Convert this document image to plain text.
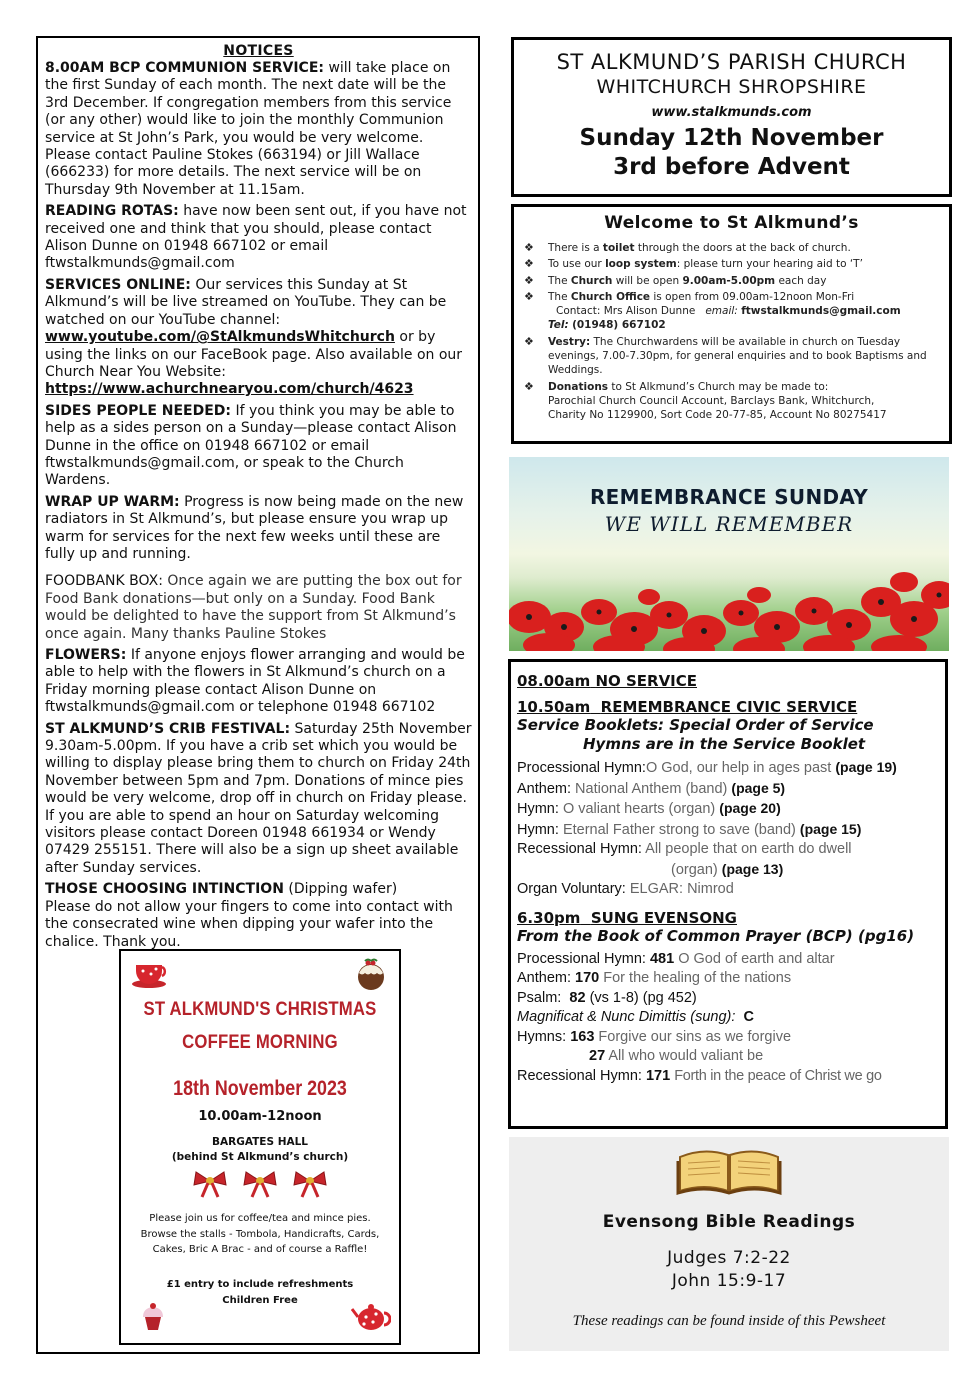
NOTICES

8.00AM BCP COMMUNION SERVICE: will take place on the first Sunday of each month. The next date will be the 3rd December. If congregation members from this service (or any other) would like to join the monthly Communion service at St John’s Park, you would be very welcome. Please contact Pauline Stokes (663194) or Jill Wallace (666233) for more details. The next service will be on Thursday 9th November at 11.15am.

READING ROTAS: have now been sent out, if you have not received one and think that you should, please contact Alison Dunne on 01948 667102 or email ftwstalkmunds@gmail.com

SERVICES ONLINE: Our services this Sunday at St Alkmund’s will be live streamed on YouTube. They can be watched on our YouTube channel: www.youtube.com/@StAlkmundsWhitchurch or by using the links on our FaceBook page. Also available on our Church Near You Website: https://www.achurchnearyou.com/church/4623

SIDES PEOPLE NEEDED: If you think you may be able to help as a sides person on a Sunday—please contact Alison Dunne in the office on 01948 667102 or email ftwstalkmunds@gmail.com, or speak to the Church Wardens.

WRAP UP WARM: Progress is now being made on the new radiators in St Alkmund’s, but please ensure you wrap up warm for services for the next few weeks until these are fully up and running.

FOODBANK BOX: Once again we are putting the box out for Food Bank donations—but only on a Sunday. Food Bank would be delighted to have the support from St Alkmund’s once again. Many thanks Pauline Stokes

FLOWERS: If anyone enjoys flower arranging and would be able to help with the flowers in St Alkmund’s church on a Friday morning please contact Alison Dunne on ftwstalkmunds@gmail.com or telephone 01948 667102

ST ALKMUND’S CRIB FESTIVAL: Saturday 25th November 9.30am-5.00pm. If you have a crib set which you would be willing to display please bring them to church on Friday 24th November between 5pm and 7pm. Donations of mince pies would be very welcome, drop off in church on Friday please. If you are able to spend an hour on Saturday welcoming visitors please contact Doreen 01948 661934 or Wendy 07429 255151. There will also be a sign up sheet available after Sunday services.

THOSE CHOOSING INTINCTION (Dipping wafer)
Please do not allow your fingers to come into contact with the consecrated wine when dipping your wafer into the chalice. Thank you.

ST ALKMUND'S CHRISTMAS
COFFEE MORNING
18th November 2023
10.00am-12noon
BARGATES HALL
(behind St Alkmund’s church)
Please join us for coffee/tea and mince pies. Browse the stalls - Tombola, Handicrafts, Cards, Cakes, Bric A Brac - and of course a Raffle!
£1 entry to include refreshments
Children Free
ST ALKMUND’S PARISH CHURCH
WHITCHURCH SHROPSHIRE
www.stalkmunds.com
Sunday 12th November
3rd before Advent
Welcome to St Alkmund’s
❖ There is a toilet through the doors at the back of church.
❖ To use our loop system: please turn your hearing aid to ‘T’
❖ The Church will be open 9.00am-5.00pm each day
❖ The Church Office is open from 09.00am-12noon Mon-Fri
Contact: Mrs Alison Dunne email: ftwstalkmunds@gmail.com
Tel: (01948) 667102
❖ Vestry: The Churchwardens will be available in church on Tuesday evenings, 7.00-7.30pm, for general enquiries and to book Baptisms and Weddings.
❖ Donations to St Alkmund’s Church may be made to:
Parochial Church Council Account, Barclays Bank, Whitchurch,
Charity No 1129900, Sort Code 20-77-85, Account No 80275417
REMEMBRANCE SUNDAY
WE WILL REMEMBER
08.00am NO SERVICE
10.50am REMEMBRANCE CIVIC SERVICE
Service Booklets: Special Order of Service
Hymns are in the Service Booklet
Processional Hymn:O God, our help in ages past (page 19)
Anthem: National Anthem (band) (page 5)
Hymn: O valiant hearts (organ) (page 20)
Hymn: Eternal Father strong to save (band) (page 15)
Recessional Hymn: All people that on earth do dwell
(organ) (page 13)
Organ Voluntary: ELGAR: Nimrod
6.30pm SUNG EVENSONG
From the Book of Common Prayer (BCP) (pg16)
Processional Hymn: 481 O God of earth and altar
Anthem: 170 For the healing of the nations
Psalm: 82 (vs 1-8) (pg 452)
Magnificat & Nunc Dimittis (sung): C
Hymns: 163 Forgive our sins as we forgive
27 All who would valiant be
Recessional Hymn: 171 Forth in the peace of Christ we go
Evensong Bible Readings
Judges 7:2-22
John 15:9-17
These readings can be found inside of this Pewsheet
